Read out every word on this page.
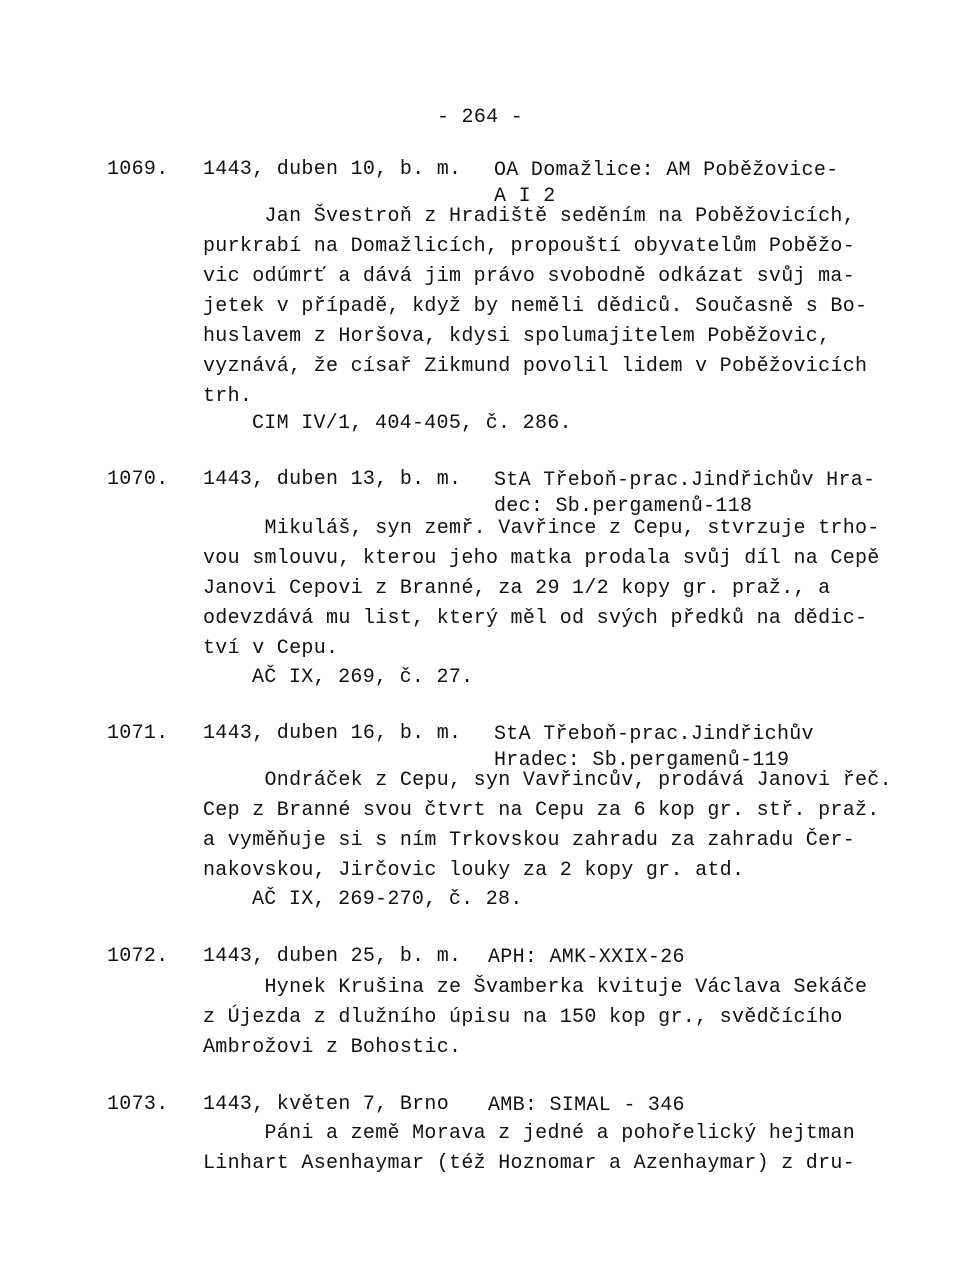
- 264 -
1069. 1443, duben 10, b. m. OA Domažlice: AM Poběžovice-
A I 2
Jan Švestroň z Hradiště seděním na Poběžovicích,
purkrabí na Domažlicích, propouští obyvatelům Poběžo-
vic odúmrť a dává jim právo svobodně odkázat svůj ma-
jetek v případě, když by neměli dědiců. Současně s Bo-
huslavem z Horšova, kdysi spolumajitelem Poběžovic,
vyznává, že císař Zikmund povolil lidem v Poběžovicích
trh.
CIM IV/1, 404-405, č. 286.
1070. 1443, duben 13, b. m. StA Třeboň-prac.Jindřichův Hra-
dec: Sb.pergamenů-118
Mikuláš, syn zemř. Vavřince z Cepu, stvrzuje trho-
vou smlouvu, kterou jeho matka prodala svůj díl na Cepě
Janovi Cepovi z Branné, za 29 1/2 kopy gr. praž., a
odevzdává mu list, který měl od svých předků na dědic-
tví v Cepu.
AČ IX, 269, č. 27.
1071. 1443, duben 16, b. m. StA Třeboň-prac.Jindřichův
Hradec: Sb.pergamenů-119
Ondráček z Cepu, syn Vavřincův, prodává Janovi řeč.
Cep z Branné svou čtvrt na Cepu za 6 kop gr. stř. praž.
a vyměňuje si s ním Trkovskou zahradu za zahradu Čer-
nakovskou, Jirčovic louky za 2 kopy gr. atd.
AČ IX, 269-270, č. 28.
1072. 1443, duben 25, b. m. APH: AMK-XXIX-26
Hynek Krušina ze Švamberka kvituje Václava Sekáče
z Újezda z dlužního úpisu na 150 kop gr., svědčícího
Ambrožovi z Bohostic.
1073. 1443, květen 7, Brno AMB: SIMAL - 346
Páni a země Morava z jedné a pohořelický hejtman
Linhart Asenhaymar (též Hoznomar a Azenhaymar) z dru-
